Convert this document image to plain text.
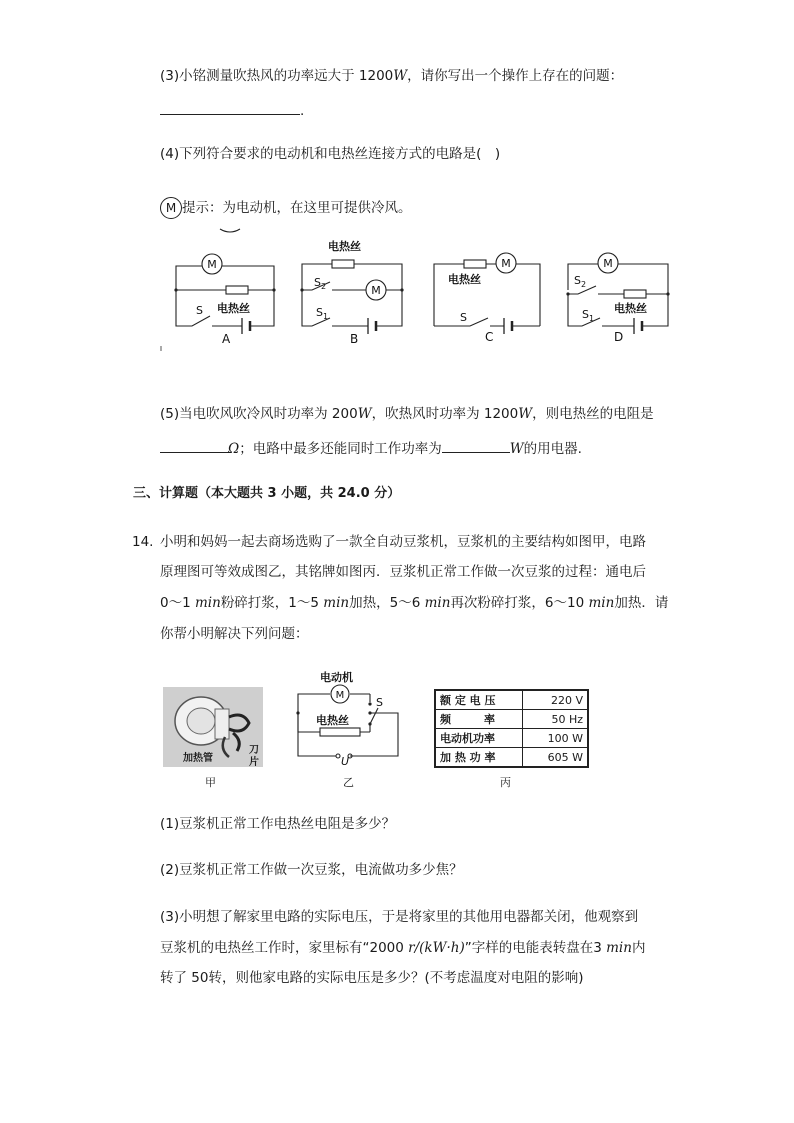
(3)小铭测量吹热风的功率远大于 1200W，请你写出一个操作上存在的问题：
.
(4)下列符合要求的电动机和电热丝连接方式的电路是(　)
M 提示：为电动机，在这里可提供冷风。
M
S 电热丝
A
电热丝
$S_2$	M
$S_1$
B
M
电热丝
S
C
M
$S_2$
$S_1$
电热丝
D
(5)当电吹风吹冷风时功率为 200W，吹热风时功率为 1200W，则电热丝的电阻是
Ω；电路中最多还能同时工作功率为	W的用电器.
三、计算题（本大题共 3 小题，共 24.0 分）
14. 小明和妈妈一起去商场选购了一款全自动豆浆机，豆浆机的主要结构如图甲，电路
原理图可等效成图乙，其铭牌如图丙．豆浆机正常工作做一次豆浆的过程：通电后
0～1 min粉碎打浆，1～5 min加热，5～6 min再次粉碎打浆，6～10 min加热．请
你帮小明解决下列问题：
加热管
刀
片
甲
电动机
M
S
电热丝
U
乙
额 定 电 压	220 V
频　　　率	50 Hz
电动机功率	100 W
加 热 功 率	605 W
丙
(1)豆浆机正常工作电热丝电阻是多少？
(2)豆浆机正常工作做一次豆浆，电流做功多少焦？
(3)小明想了解家里电路的实际电压，于是将家里的其他用电器都关闭，他观察到
豆浆机的电热丝工作时，家里标有“2000 r/(kW·h)”字样的电能表转盘在3 min内
转了 50转，则他家电路的实际电压是多少？(不考虑温度对电阻的影响)
